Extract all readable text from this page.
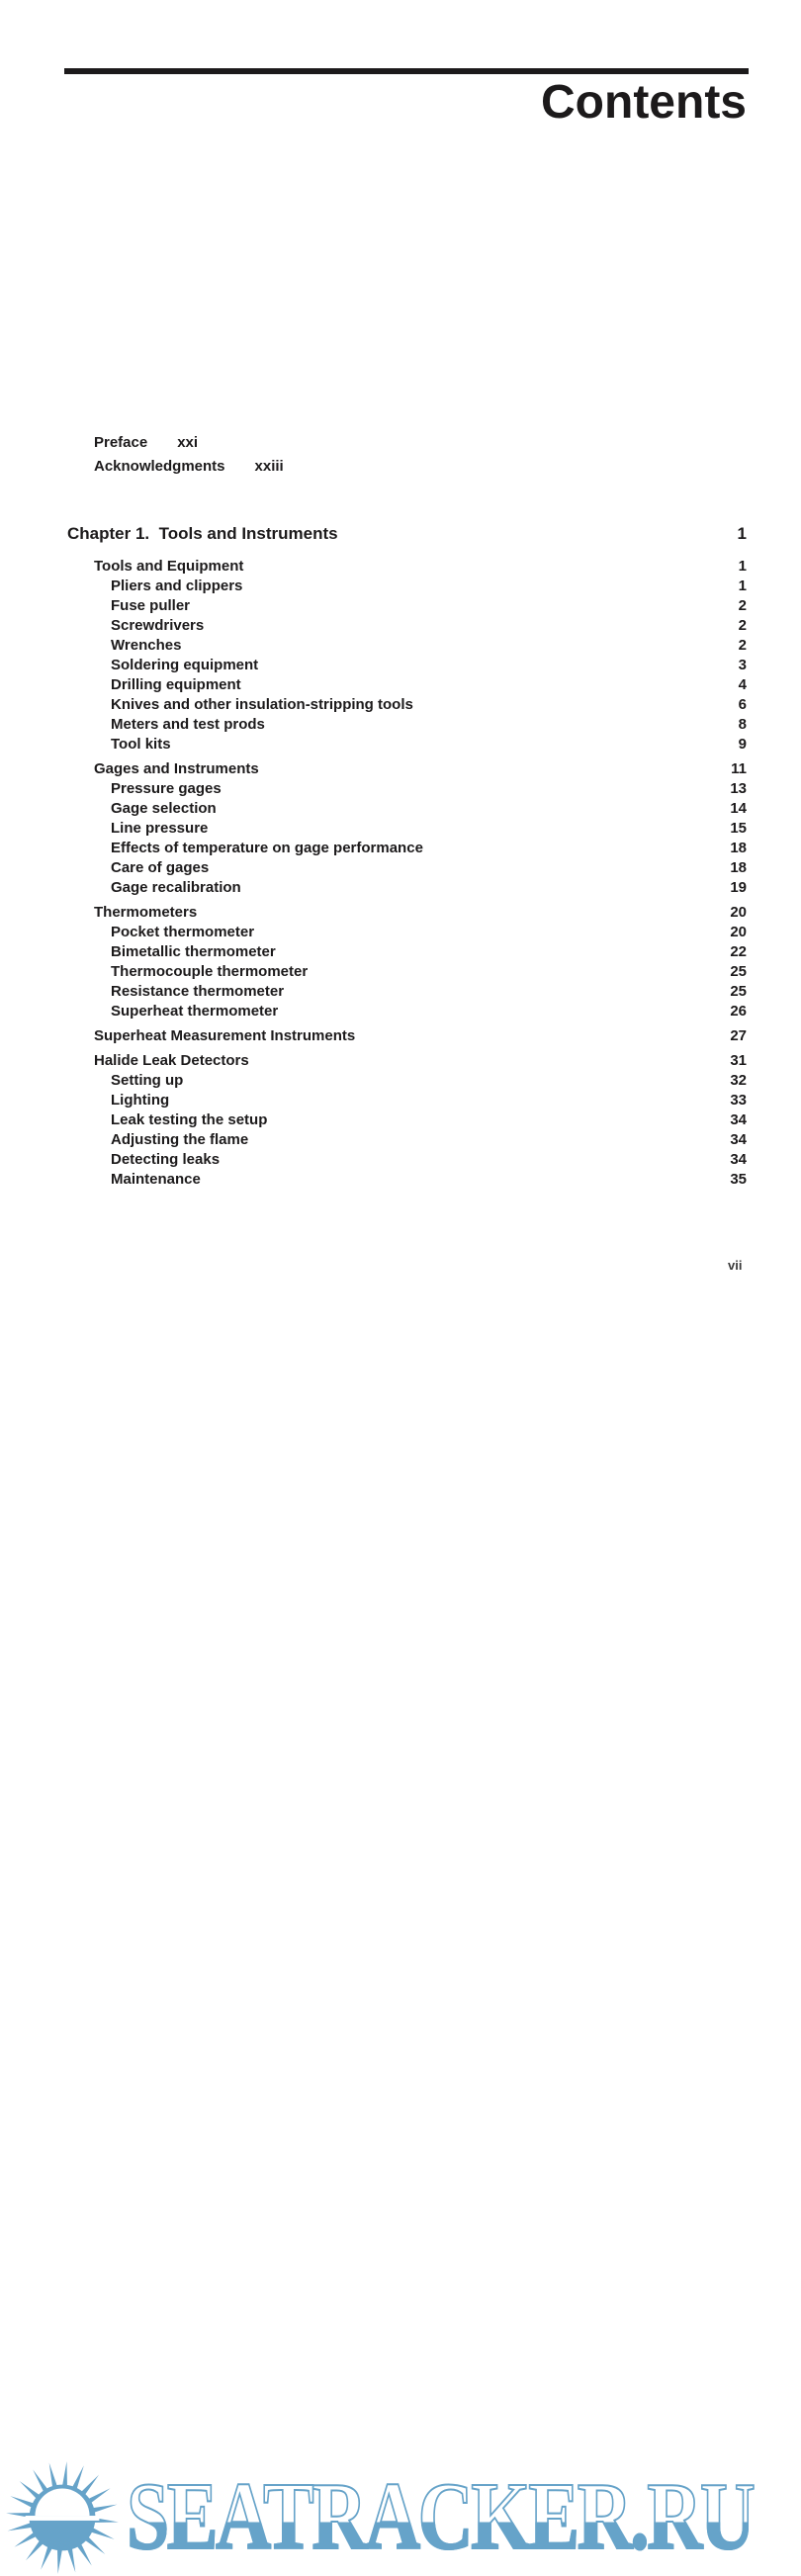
Contents
Preface xxi
Acknowledgments xxiii
Chapter 1.  Tools and Instruments	1
Tools and Equipment	1
Pliers and clippers	1
Fuse puller	2
Screwdrivers	2
Wrenches	2
Soldering equipment	3
Drilling equipment	4
Knives and other insulation-stripping tools	6
Meters and test prods	8
Tool kits	9
Gages and Instruments	11
Pressure gages	13
Gage selection	14
Line pressure	15
Effects of temperature on gage performance	18
Care of gages	18
Gage recalibration	19
Thermometers	20
Pocket thermometer	20
Bimetallic thermometer	22
Thermocouple thermometer	25
Resistance thermometer	25
Superheat thermometer	26
Superheat Measurement Instruments	27
Halide Leak Detectors	31
Setting up	32
Lighting	33
Leak testing the setup	34
Adjusting the flame	34
Detecting leaks	34
Maintenance	35
SEATRACKER.RU
vii
